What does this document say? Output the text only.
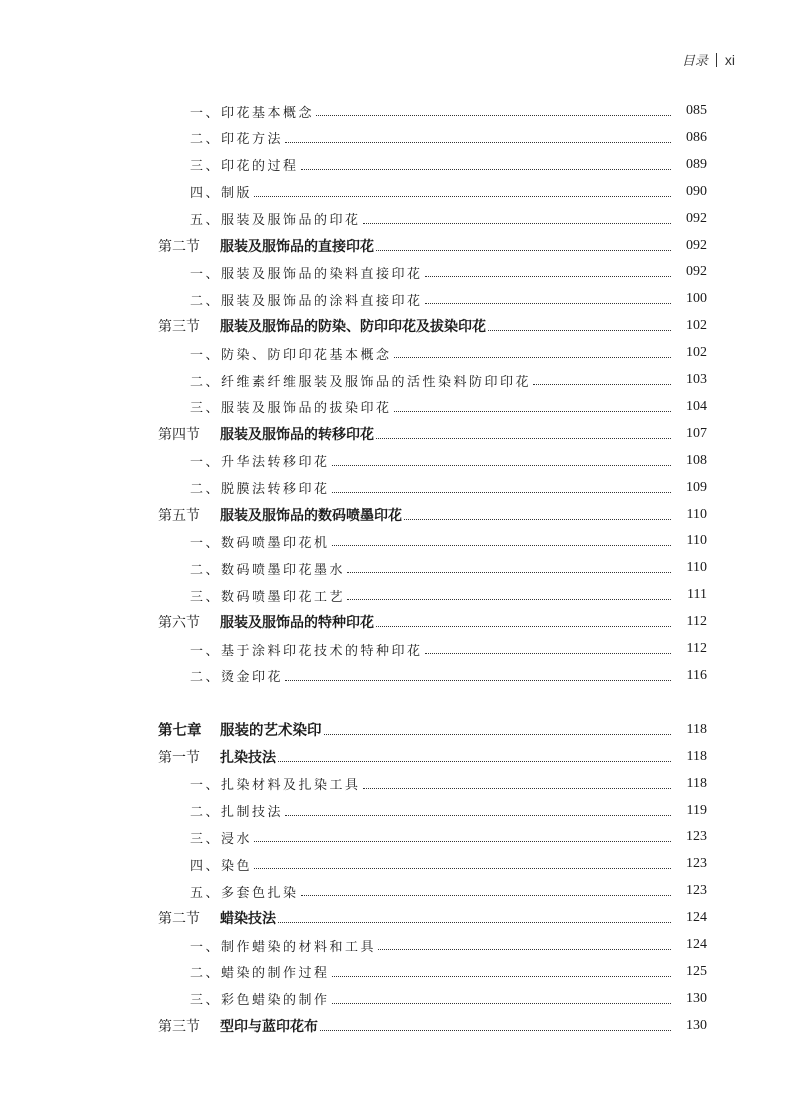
目录 xi
一、印花基本概念	085
二、印花方法	086
三、印花的过程	089
四、制版	090
五、服装及服饰品的印花	092
第二节 服装及服饰品的直接印花	092
一、服装及服饰品的染料直接印花	092
二、服装及服饰品的涂料直接印花	100
第三节 服装及服饰品的防染、防印印花及拔染印花	102
一、防染、防印印花基本概念	102
二、纤维素纤维服装及服饰品的活性染料防印印花	103
三、服装及服饰品的拔染印花	104
第四节 服装及服饰品的转移印花	107
一、升华法转移印花	108
二、脱膜法转移印花	109
第五节 服装及服饰品的数码喷墨印花	110
一、数码喷墨印花机	110
二、数码喷墨印花墨水	110
三、数码喷墨印花工艺	111
第六节 服装及服饰品的特种印花	112
一、基于涂料印花技术的特种印花	112
二、烫金印花	116
第七章 服装的艺术染印	118
第一节 扎染技法	118
一、扎染材料及扎染工具	118
二、扎制技法	119
三、浸水	123
四、染色	123
五、多套色扎染	123
第二节 蜡染技法	124
一、制作蜡染的材料和工具	124
二、蜡染的制作过程	125
三、彩色蜡染的制作	130
第三节 型印与蓝印花布	130
